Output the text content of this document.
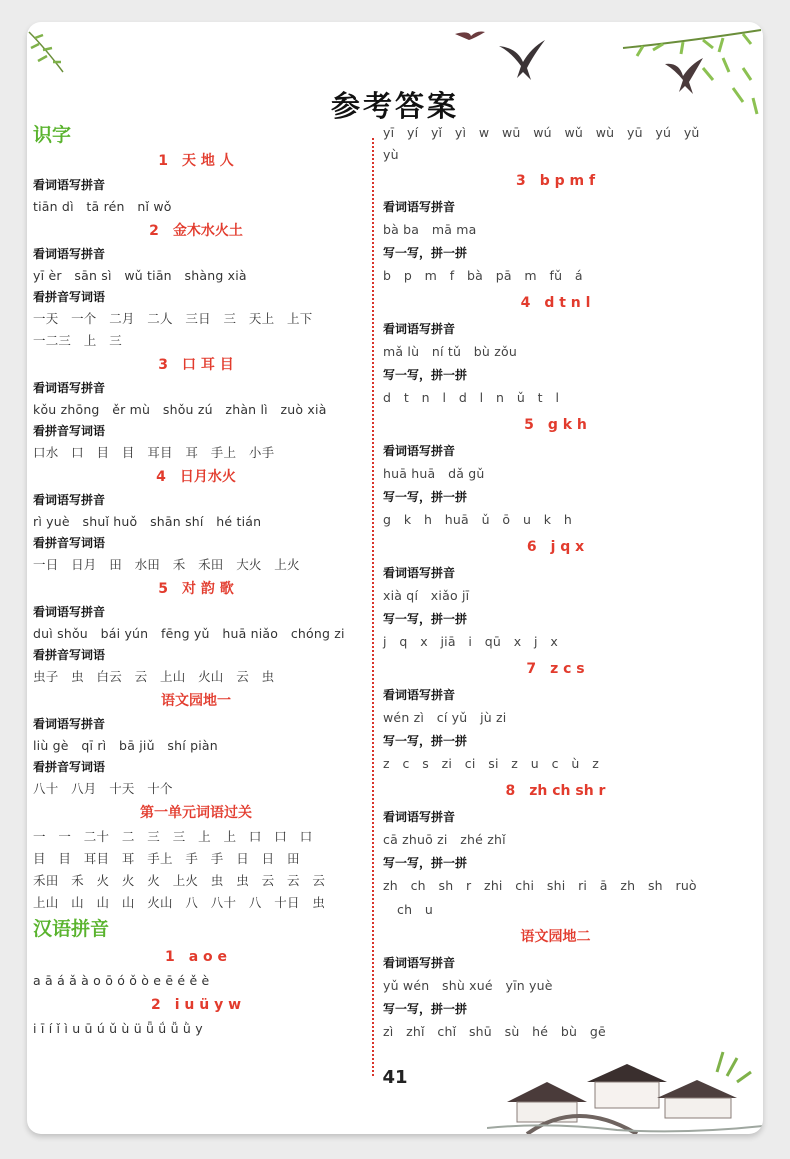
参考答案

识字

1　天 地 人

看词语写拼音

tiān dì　tā rén　nǐ wǒ

2　金木水火土

看词语写拼音

yī èr　sān sì　wǔ tiān　shàng xià

看拼音写词语

一天　一个　二月　二人　三日　三　天上　上下

一二三　上　三

3　口 耳 目

看词语写拼音

kǒu zhōng　ěr mù　shǒu zú　zhàn lì　zuò xià

看拼音写词语

口水　口　目　目　耳目　耳　手上　小手

4　日月水火

看词语写拼音

rì yuè　shuǐ huǒ　shān shí　hé tián

看拼音写词语

一日　日月　田　水田　禾　禾田　大火　上火

5　对 韵 歌

看词语写拼音

duì shǒu　bái yún　fēng yǔ　huā niǎo　chóng zi

看拼音写词语

虫子　虫　白云　云　上山　火山　云　虫

语文园地一

看词语写拼音

liù gè　qī rì　bā jiǔ　shí piàn

看拼音写词语

八十　八月　十天　十个

第一单元词语过关

一　一　二十　二　三　三　上　上　口　口　口

目　目　耳目　耳　手上　手　手　日　日　田

禾田　禾　火　火　火　上火　虫　虫　云　云　云

上山　山　山　山　火山　八　八十　八　十日　虫

汉语拼音

1　a o e

a ā á ǎ à o ō ó ǒ ò e ē é ě è

2　i u ü y w

i ī í ǐ ì u ū ú ǔ ù ü ǖ ǘ ǚ ǜ y

yī　yí　yǐ　yì　w　wū　wú　wǔ　wù　yū　yú　yǔ

yù

3　b p m f

看词语写拼音

bà ba　mā ma

写一写，拼一拼

b　p　m　f　bà　pā　m　fǔ　á

4　d t n l

看词语写拼音

mǎ lù　ní tǔ　bù zǒu

写一写，拼一拼

d　t　n　l　d　l　n　ǔ　t　l

5　g k h

看词语写拼音

huā huā　dǎ gǔ

写一写，拼一拼

g　k　h　huā　ǔ　ō　u　k　h

6　j q x

看词语写拼音

xià qí　xiǎo jī

写一写，拼一拼

j　q　x　jiā　i　qū　x　j　x

7　z c s

看词语写拼音

wén zì　cí yǔ　jù zi

写一写，拼一拼

z　c　s　zi　ci　si　z　u　c　ù　z

8　zh ch sh r

看词语写拼音

cā zhuō zi　zhé zhǐ

写一写，拼一拼

zh　ch　sh　r　zhi　chi　shi　ri　ā　zh　sh　ruò

ch　u

语文园地二

看词语写拼音

yǔ wén　shù xué　yīn yuè

写一写，拼一拼

zì　zhǐ　chǐ　shū　sù　hé　bù　gē

41
